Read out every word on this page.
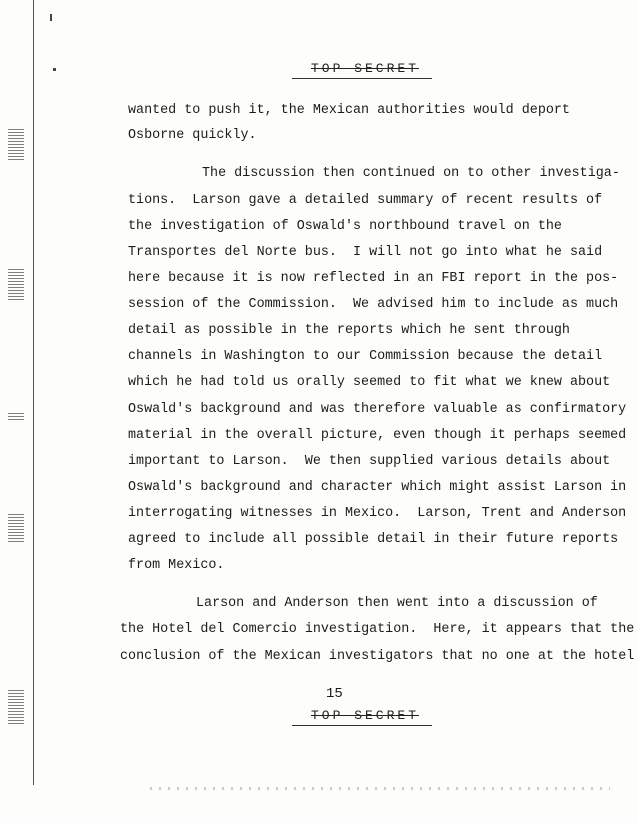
TOP SECRET
wanted to push it, the Mexican authorities would deport
Osborne quickly.
The discussion then continued on to other investiga-
tions.  Larson gave a detailed summary of recent results of
the investigation of Oswald's northbound travel on the
Transportes del Norte bus.  I will not go into what he said
here because it is now reflected in an FBI report in the pos-
session of the Commission.  We advised him to include as much
detail as possible in the reports which he sent through
channels in Washington to our Commission because the detail
which he had told us orally seemed to fit what we knew about
Oswald's background and was therefore valuable as confirmatory
material in the overall picture, even though it perhaps seemed
important to Larson.  We then supplied various details about
Oswald's background and character which might assist Larson in
interrogating witnesses in Mexico.  Larson, Trent and Anderson
agreed to include all possible detail in their future reports
from Mexico.
Larson and Anderson then went into a discussion of
the Hotel del Comercio investigation.  Here, it appears that the
conclusion of the Mexican investigators that no one at the hotel
15
TOP SECRET
